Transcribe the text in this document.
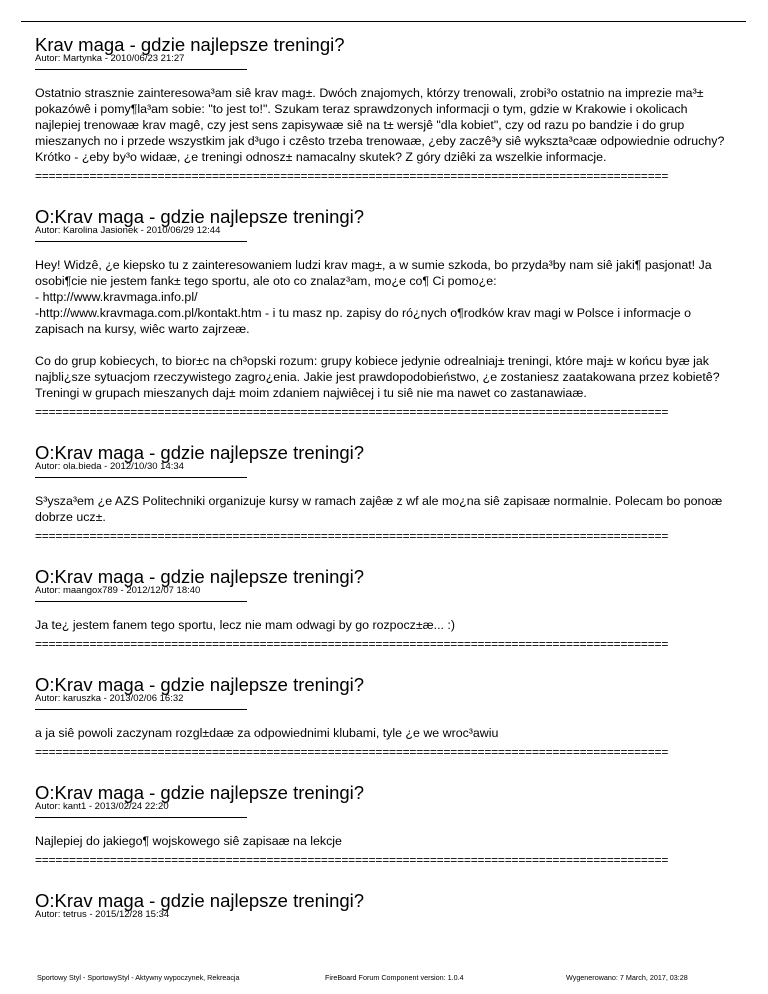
Krav maga - gdzie najlepsze treningi?
Autor: Martynka - 2010/06/23 21:27
Ostatnio strasznie zainteresowa³am siê krav mag±. Dwóch znajomych, którzy trenowali, zrobi³o ostatnio na imprezie ma³± pokazówê i pomy¶la³am sobie: "to jest to!". Szukam teraz sprawdzonych informacji o tym, gdzie w Krakowie i okolicach najlepiej trenowaæ krav magê, czy jest sens zapisywaæ siê na t± wersjê "dla kobiet", czy od razu po bandzie i do grup mieszanych no i przede wszystkim jak d³ugo i czêsto trzeba trenowaæ, ¿eby zaczê³y siê wykszta³caæ odpowiednie odruchy? Krótko - ¿eby by³o widaæ, ¿e treningi odnosz± namacalny skutek? Z góry dziêki za wszelkie informacje.
=============================================================================================
O:Krav maga - gdzie najlepsze treningi?
Autor: Karolina Jasionek - 2010/06/29 12:44
Hey! Widzê, ¿e kiepsko tu z zainteresowaniem ludzi krav mag±, a w sumie szkoda, bo przyda³by nam siê jaki¶ pasjonat! Ja osobi¶cie nie jestem fank± tego sportu, ale oto co znalaz³am, mo¿e co¶ Ci pomo¿e:
- http://www.kravmaga.info.pl/
-http://www.kravmaga.com.pl/kontakt.htm - i tu masz np. zapisy do ró¿nych o¶rodków krav magi w Polsce i informacje o zapisach na kursy, wiêc warto zajrzeæ.

Co do grup kobiecych, to bior±c na ch³opski rozum: grupy kobiece jedynie odrealniaj± treningi, które maj± w końcu byæ jak najbli¿sze sytuacjom rzeczywistego zagro¿enia. Jakie jest prawdopodobieństwo, ¿e zostaniesz zaatakowana przez kobietê? Treningi w grupach mieszanych daj± moim zdaniem najwiêcej i tu siê nie ma nawet co zastanawiaæ.
=============================================================================================
O:Krav maga - gdzie najlepsze treningi?
Autor: ola.bieda - 2012/10/30 14:34
S³ysza³em ¿e AZS Politechniki organizuje kursy w ramach zajêæ z wf ale mo¿na siê zapisaæ normalnie. Polecam bo ponoæ dobrze ucz±.
=============================================================================================
O:Krav maga - gdzie najlepsze treningi?
Autor: maangox789 - 2012/12/07 18:40
Ja te¿ jestem fanem tego sportu, lecz nie mam odwagi by go rozpocz±æ... :)
=============================================================================================
O:Krav maga - gdzie najlepsze treningi?
Autor: karuszka - 2013/02/06 16:32
a ja siê powoli zaczynam rozgl±daæ za odpowiednimi klubami, tyle ¿e we wroc³awiu
=============================================================================================
O:Krav maga - gdzie najlepsze treningi?
Autor: kant1 - 2013/02/24 22:20
Najlepiej do jakiego¶ wojskowego siê zapisaæ na lekcje
=============================================================================================
O:Krav maga - gdzie najlepsze treningi?
Autor: tetrus - 2015/12/28 15:34
Sportowy Styl - SportowyStyl - Aktywny wypoczynek, Rekreacja	FireBoard Forum Component version: 1.0.4	Wygenerowano: 7 March, 2017, 03:28
